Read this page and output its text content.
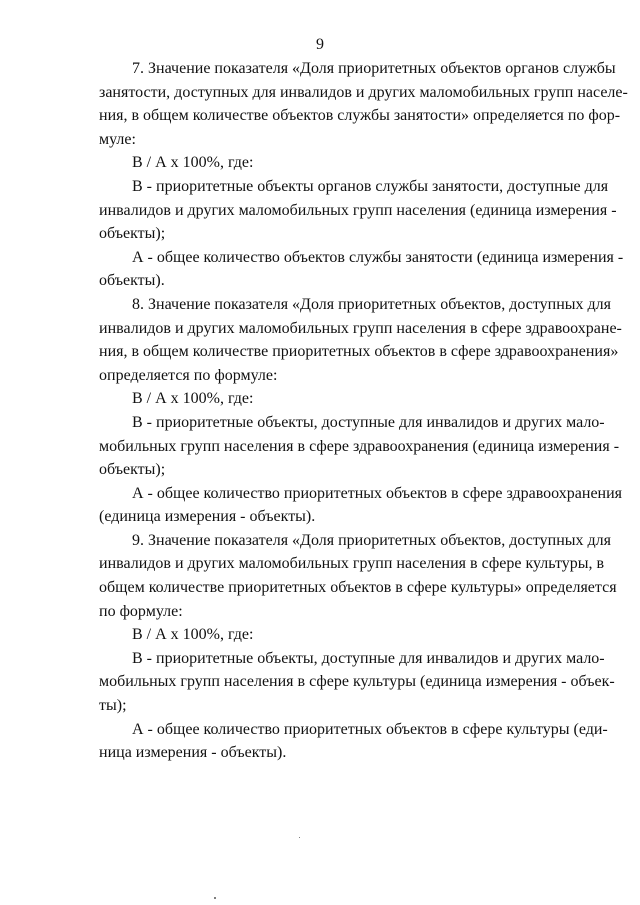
9
7. Значение показателя «Доля приоритетных объектов органов службы
занятости, доступных для инвалидов и других маломобильных групп населе-
ния, в общем количестве объектов службы занятости» определяется по фор-
муле:
В / А х 100%, где:
В - приоритетные объекты органов службы занятости, доступные для
инвалидов и других маломобильных групп населения (единица измерения -
объекты);
А - общее количество объектов службы занятости (единица измерения -
объекты).
8. Значение показателя «Доля приоритетных объектов, доступных для
инвалидов и других маломобильных групп населения в сфере здравоохране-
ния, в общем количестве приоритетных объектов в сфере здравоохранения»
определяется по формуле:
В / А х 100%, где:
В - приоритетные объекты, доступные для инвалидов и других мало-
мобильных групп населения в сфере здравоохранения (единица измерения -
объекты);
А - общее количество приоритетных объектов в сфере здравоохранения
(единица измерения - объекты).
9. Значение показателя «Доля приоритетных объектов, доступных для
инвалидов и других маломобильных групп населения в сфере культуры, в
общем количестве приоритетных объектов в сфере культуры» определяется
по формуле:
В / А х 100%, где:
В - приоритетные объекты, доступные для инвалидов и других мало-
мобильных групп населения в сфере культуры (единица измерения - объек-
ты);
А - общее количество приоритетных объектов в сфере культуры (еди-
ница измерения - объекты).
